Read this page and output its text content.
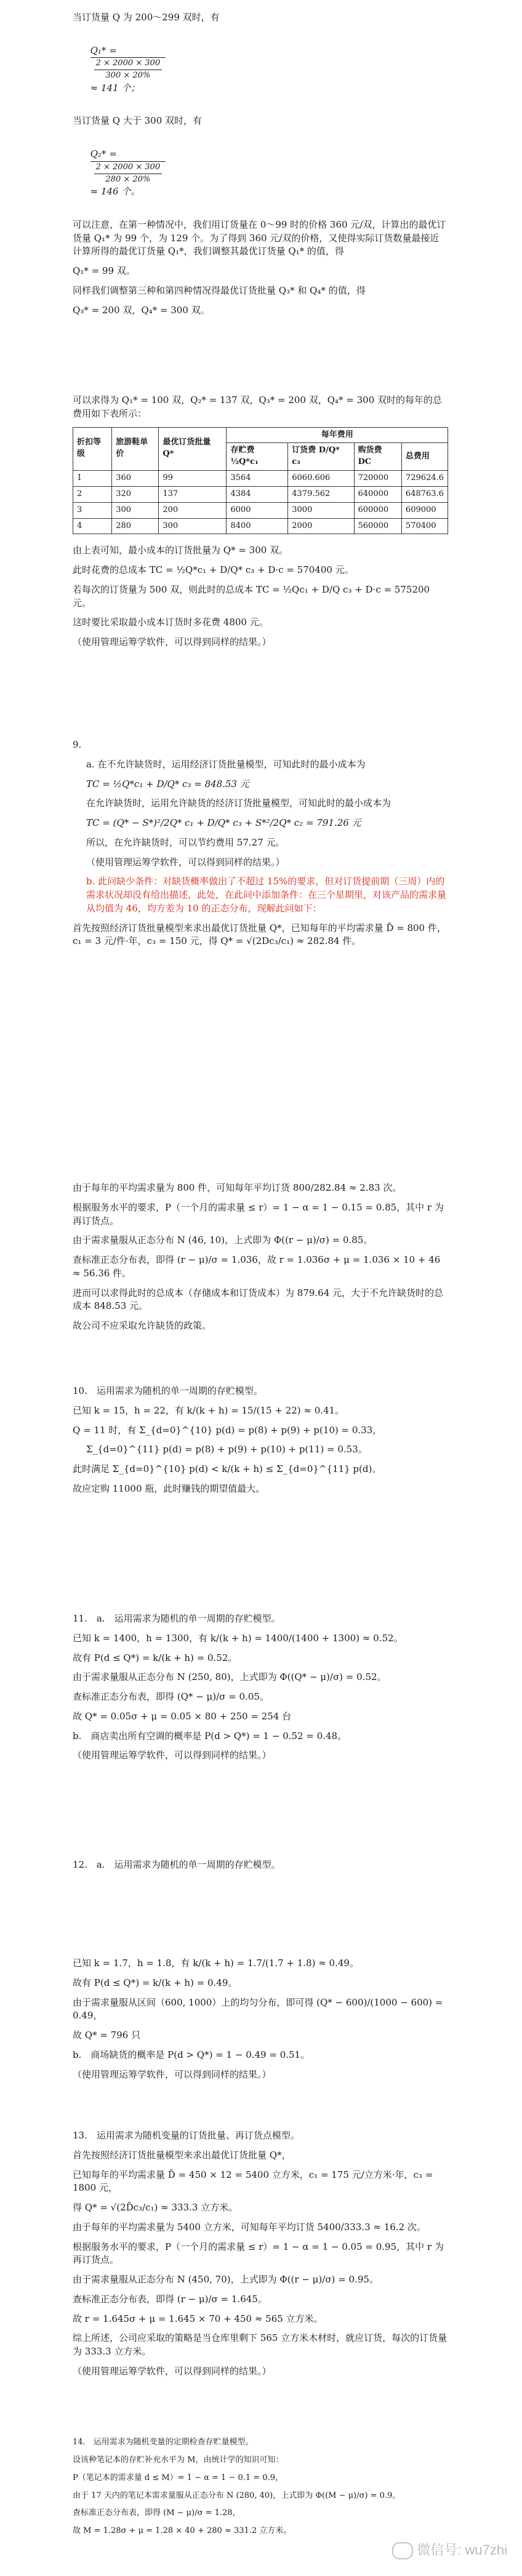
当订货量 Q 为 200～299 双时，有

Q₁* =

$\frac{2 \times 2000 \times 300}{300 \times 20\%}$

≈ 141 个；

当订货量 Q 大于 300 双时，有

Q₂* =

$\frac{2 \times 2000 \times 300}{280 \times 20\%}$

≈ 146 个。

可以注意，在第一种情况中，我们用订货量在 0～99 时的价格 360 元/双，计算出的最优订货量 Q₁* 为 99 个，为 129 个。为了得到 360 元/双的价格，又使得实际订货数量最接近计算所得的最优订货量 Q₁*，我们调整其最优订货量 Q₁* 的值，得

Q₁* = 99 双。

同样我们调整第三种和第四种情况得最优订货批量 Q₃* 和 Q₄* 的值，得

Q₃* = 200 双，Q₄* = 300 双。

可以求得为 Q₁* = 100 双，Q₂* = 137 双，Q₃* = 200 双，Q₄* = 300 双时的每年的总费用如下表所示：

折扣等级	旅游鞋单价	最优订货批量 Q*	每年费用			
			存贮费 ½Q*c₁	订货费 D/Q* c₃	购货费 DC	总费用
1	360	99	3564	6060.606	720000	729624.6
2	320	137	4384	4379.562	640000	648763.6
3	300	200	6000	3000	600000	609000
4	280	300	8400	2000	560000	570400

由上表可知，最小成本的订货批量为 Q* = 300 双。

此时花费的总成本 TC = ½Q*c₁ + D/Q* c₃ + D·c = 570400 元。

若每次的订货量为 500 双，则此时的总成本 TC = ½Qc₁ + D/Q c₃ + D·c = 575200 元。

这时要比采取最小成本订货时多花费 4800 元。

（使用管理运筹学软件，可以得到同样的结果。）

9.

a. 在不允许缺货时，运用经济订货批量模型，可知此时的最小成本为

TC = ½Q*c₁ + D/Q* c₃ = 848.53 元

在允许缺货时，运用允许缺货的经济订货批量模型，可知此时的最小成本为

TC = (Q* − S*)²/2Q* c₁ + D/Q* c₃ + S*²/2Q* c₂ = 791.26 元

所以，在允许缺货时，可以节约费用 57.27 元。

（使用管理运筹学软件，可以得到同样的结果。）

b. 此问缺少条件：对缺货概率做出了不超过 15%的要求，但对订货提前期（三周）内的需求状况却没有给出描述，此处，在此问中添加条件：在三个星期里，对该产品的需求量从均值为 46，均方差为 10 的正态分布，现解此问如下：

首先按照经济订货批量模型来求出最优订货批量 Q*，已知每年的平均需求量 D̄ = 800 件，c₁ = 3 元/件·年，c₃ = 150 元，得 Q* = √(2Dc₃/c₁) ≈ 282.84 件。

由于每年的平均需求量为 800 件，可知每年平均订货 800/282.84 ≈ 2.83 次。

根据服务水平的要求，P（一个月的需求量 ≤ r）= 1 − α = 1 − 0.15 = 0.85，其中 r 为再订货点。

由于需求量服从正态分布 N (46, 10)，上式即为 Φ((r − μ)/σ) = 0.85。

查标准正态分布表，即得 (r − μ)/σ = 1.036，故 r = 1.036σ + μ = 1.036 × 10 + 46 ≈ 56.36 件。

进而可以求得此时的总成本（存储成本和订货成本）为 879.64 元，大于不允许缺货时的总成本 848.53 元。

故公司不应采取允许缺货的政策。

10.　运用需求为随机的单一周期的存贮模型。

已知 k = 15，h = 22，有 k/(k + h) = 15/(15 + 22) ≈ 0.41。

Q = 11 时，有 Σ_{d=0}^{10} p(d) = p(8) + p(9) + p(10) = 0.33，

Σ_{d=0}^{11} p(d) = p(8) + p(9) + p(10) + p(11) = 0.53。

此时满足 Σ_{d=0}^{10} p(d) < k/(k + h) ≤ Σ_{d=0}^{11} p(d)。

故应定购 11000 瓶，此时赚钱的期望值最大。

11.　a.　运用需求为随机的单一周期的存贮模型。

已知 k = 1400，h = 1300，有 k/(k + h) = 1400/(1400 + 1300) ≈ 0.52。

故有 P(d ≤ Q*) = k/(k + h) = 0.52。

由于需求量服从正态分布 N (250, 80)，上式即为 Φ((Q* − μ)/σ) = 0.52。

查标准正态分布表，即得 (Q* − μ)/σ = 0.05。

故 Q* = 0.05σ + μ = 0.05 × 80 + 250 = 254 台

b.　商店卖出所有空调的概率是 P(d > Q*) = 1 − 0.52 = 0.48。

（使用管理运筹学软件，可以得到同样的结果。）

12.　a.　运用需求为随机的单一周期的存贮模型。

已知 k = 1.7，h = 1.8，有 k/(k + h) = 1.7/(1.7 + 1.8) ≈ 0.49。

故有 P(d ≤ Q*) = k/(k + h) = 0.49。

由于需求量服从区间（600, 1000）上的均匀分布，即可得 (Q* − 600)/(1000 − 600) = 0.49，

故 Q* = 796 只

b.　商场缺货的概率是 P(d > Q*) = 1 − 0.49 = 0.51。

（使用管理运筹学软件，可以得到同样的结果。）

13.　运用需求为随机变量的订货批量、再订货点模型。

首先按照经济订货批量模型来求出最优订货批量 Q*，

已知每年的平均需求量 D̄ = 450 × 12 = 5400 立方米，c₁ = 175 元/立方米·年，c₃ = 1800 元，

得 Q* = √(2D̄c₃/c₁) ≈ 333.3 立方米。

由于每年的平均需求量为 5400 立方米，可知每年平均订货 5400/333.3 ≈ 16.2 次。

根据服务水平的要求，P（一个月的需求量 ≤ r）= 1 − α = 1 − 0.05 = 0.95，其中 r 为再订货点。

由于需求量服从正态分布 N (450, 70)，上式即为 Φ((r − μ)/σ) = 0.95。

查标准正态分布表，即得 (r − μ)/σ = 1.645。

故 r = 1.645σ + μ = 1.645 × 70 + 450 ≈ 565 立方米。

综上所述，公司应采取的策略是当仓库里剩下 565 立方米木材时，就应订货，每次的订货量为 333.3 立方米。

（使用管理运筹学软件，可以得到同样的结果。）

14.　运用需求为随机变量的定期检查存贮量模型。

设该种笔记本的存贮补充水平为 M，由统计学的知识可知：

P（笔记本的需求量 d ≤ M）= 1 − α = 1 − 0.1 = 0.9，

由于 17 天内的笔记本需求量服从正态分布 N (280, 40)，上式即为 Φ((M − μ)/σ) = 0.9。

查标准正态分布表，即得 (M − μ)/σ = 1.28，

故 M = 1.28σ + μ = 1.28 × 40 + 280 ≈ 331.2 立方米。

微信号: wu7zhi
